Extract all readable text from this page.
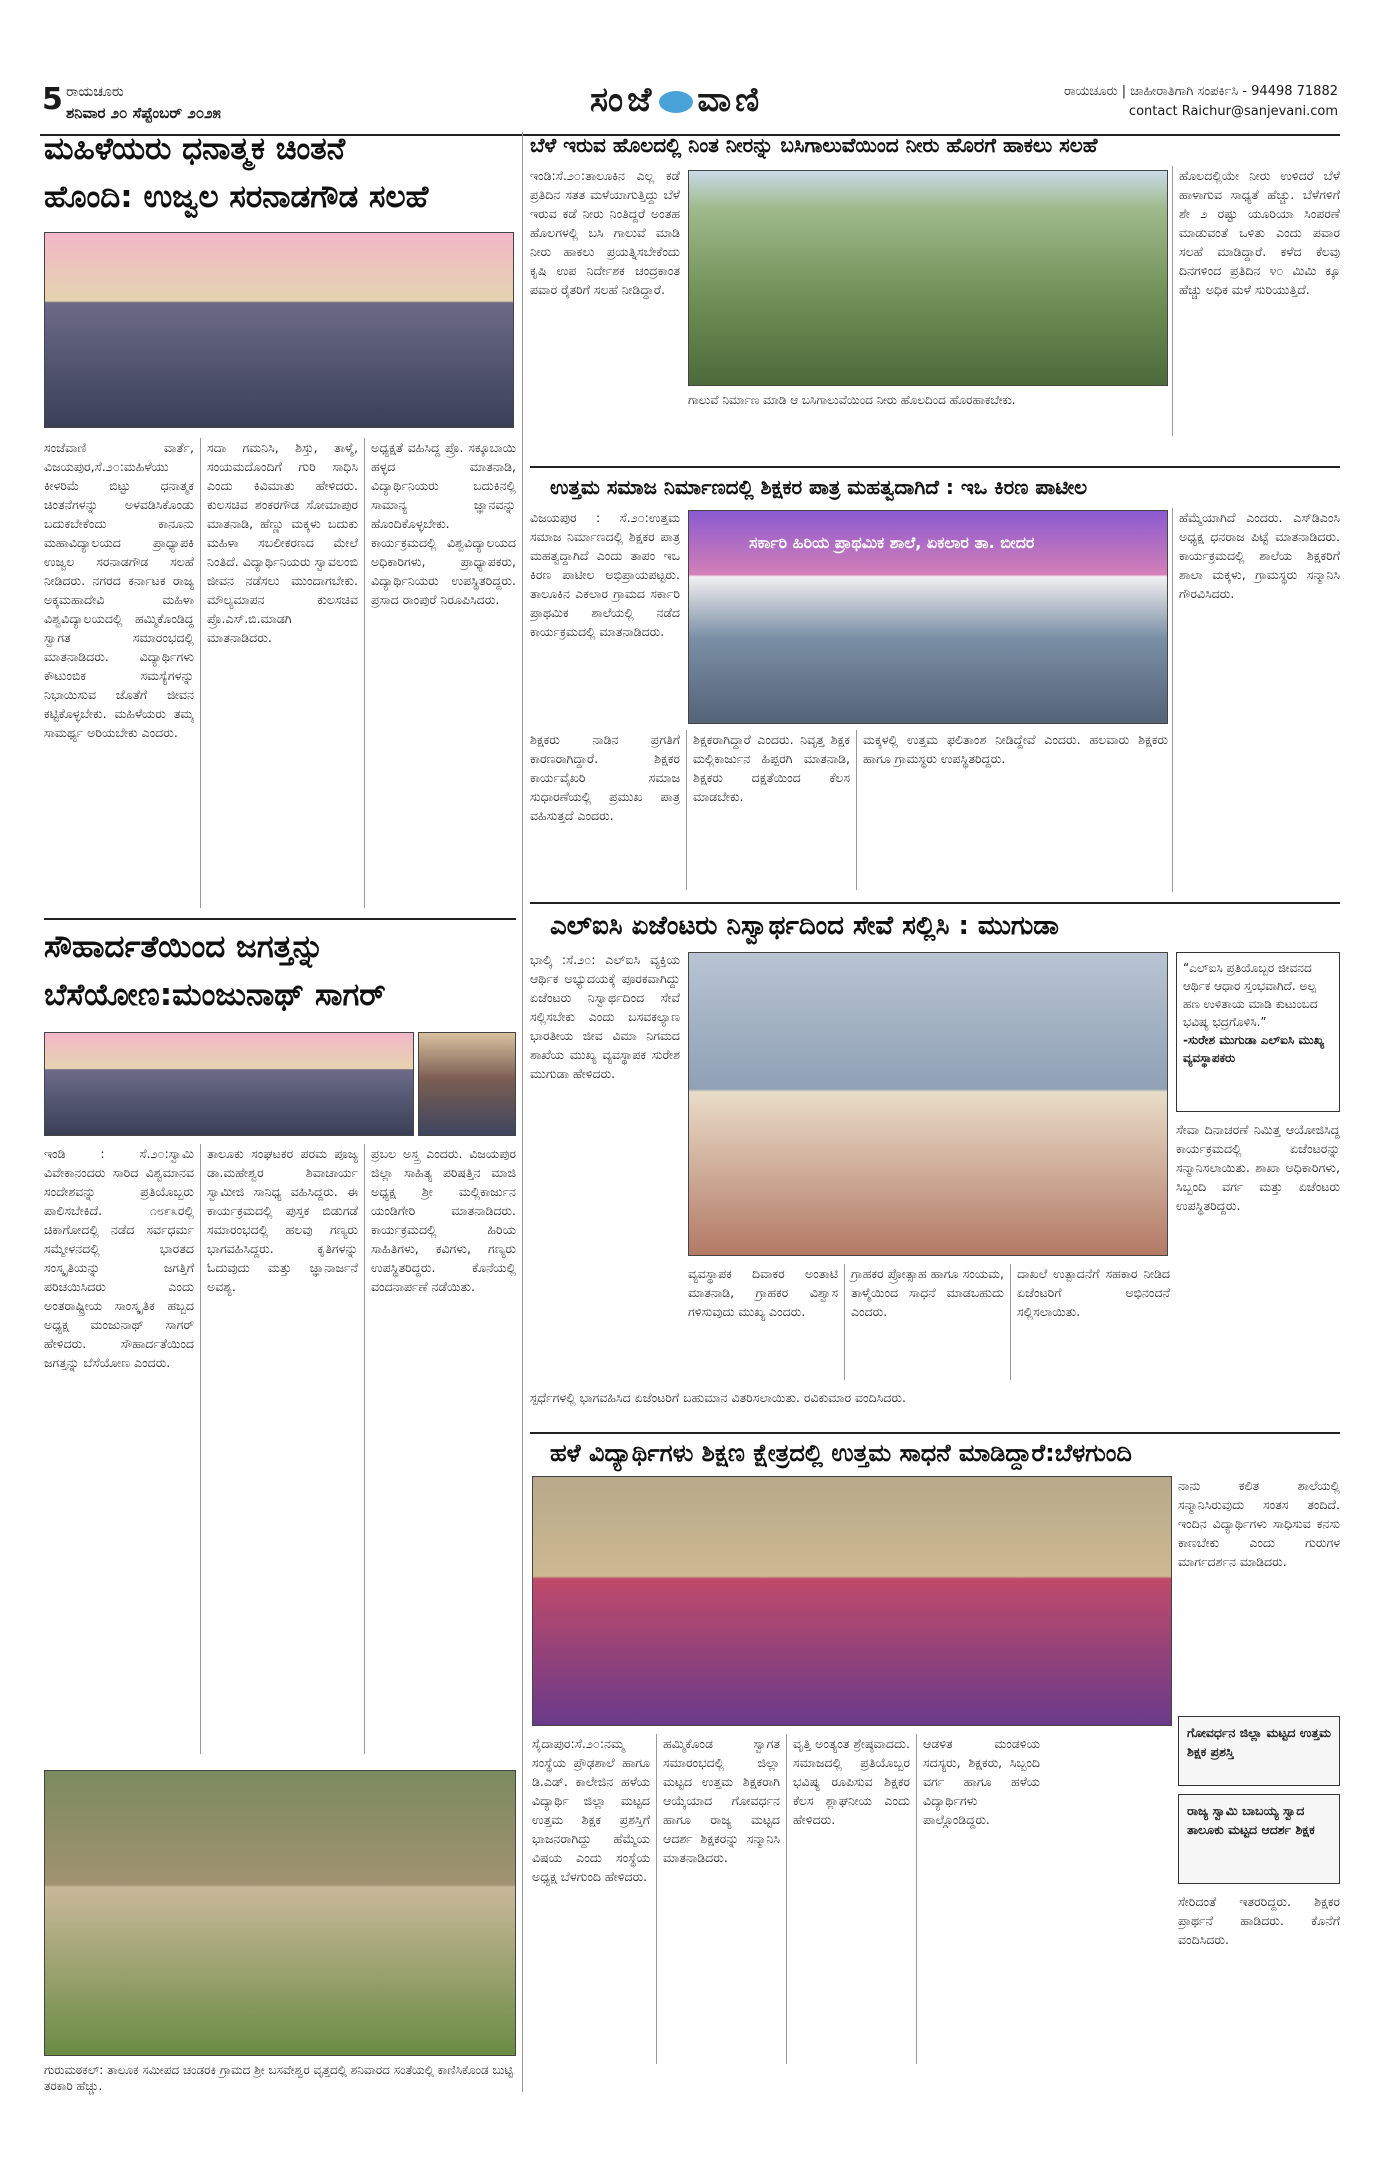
5 ರಾಯಚೂರು
ಶನಿವಾರ ೨೦ ಸೆಪ್ಟೆಂಬರ್ ೨೦೨೫	ಸಂಜೆ ವಾಣಿ	ರಾಯಚೂರು | ಜಾಹೀರಾತಿಗಾಗಿ ಸಂಪರ್ಕಿಸಿ - 94498 71882
contact Raichur@sanjevani.com
ಮಹಿಳೆಯರು ಧನಾತ್ಮಕ ಚಿಂತನೆ
ಹೊಂದಿ: ಉಜ್ವಲ ಸರನಾಡಗೌಡ ಸಲಹೆ
ಸಂಜೆವಾಣಿ ವಾರ್ತೆ, ವಿಜಯಪುರ,ಸೆ.೨೦:ಮಹಿಳೆಯು ಕೀಳರಿಮೆ ಬಿಟ್ಟು ಧನಾತ್ಮಕ ಚಿಂತನೆಗಳನ್ನು ಅಳವಡಿಸಿಕೊಂಡು ಬದುಕಬೇಕೆಂದು ಕಾನೂನು ಮಹಾವಿದ್ಯಾಲಯದ ಪ್ರಾಧ್ಯಾಪಕಿ ಉಜ್ವಲ ಸರನಾಡಗೌಡ ಸಲಹೆ ನೀಡಿದರು. ನಗರದ ಕರ್ನಾಟಕ ರಾಜ್ಯ ಅಕ್ಕಮಹಾದೇವಿ ಮಹಿಳಾ ವಿಶ್ವವಿದ್ಯಾಲಯದಲ್ಲಿ ಹಮ್ಮಿಕೊಂಡಿದ್ದ ಸ್ವಾಗತ ಸಮಾರಂಭದಲ್ಲಿ ಮಾತನಾಡಿದರು. ವಿದ್ಯಾರ್ಥಿಗಳು ಕೌಟುಂಬಿಕ ಸಮಸ್ಯೆಗಳನ್ನು ನಿಭಾಯಿಸುವ ಜೊತೆಗೆ ಜೀವನ ಕಟ್ಟಿಕೊಳ್ಳಬೇಕು. ಮಹಿಳೆಯರು ತಮ್ಮ ಸಾಮರ್ಥ್ಯ ಅರಿಯಬೇಕು ಎಂದರು.
ಸದಾ ಗಮನಿಸಿ, ಶಿಸ್ತು, ತಾಳ್ಮೆ, ಸಂಯಮದೊಂದಿಗೆ ಗುರಿ ಸಾಧಿಸಿ ಎಂದು ಕಿವಿಮಾತು ಹೇಳಿದರು. ಕುಲಸಚಿವ ಶಂಕರಗೌಡ ಸೋಮಾಪುರ ಮಾತನಾಡಿ, ಹೆಣ್ಣು ಮಕ್ಕಳು ಬದುಕು ಮಹಿಳಾ ಸಬಲೀಕರಣದ ಮೇಲೆ ನಿಂತಿದೆ. ವಿದ್ಯಾರ್ಥಿನಿಯರು ಸ್ವಾವಲಂಬಿ ಜೀವನ ನಡೆಸಲು ಮುಂದಾಗಬೇಕು. ಮೌಲ್ಯಮಾಪನ ಕುಲಸಚಿವ ಪ್ರೊ.ಎಸ್.ಬಿ.ಮಾಡಗಿ ಮಾತನಾಡಿದರು.
ಅಧ್ಯಕ್ಷತೆ ವಹಿಸಿದ್ದ ಪ್ರೊ. ಸಕ್ಕೂಬಾಯಿ ಹಳ್ಳದ ಮಾತನಾಡಿ, ವಿದ್ಯಾರ್ಥಿನಿಯರು ಬದುಕಿನಲ್ಲಿ ಸಾಮಾನ್ಯ ಜ್ಞಾನವನ್ನು ಹೊಂದಿಕೊಳ್ಳಬೇಕು. ಕಾರ್ಯಕ್ರಮದಲ್ಲಿ ವಿಶ್ವವಿದ್ಯಾಲಯದ ಅಧಿಕಾರಿಗಳು, ಪ್ರಾಧ್ಯಾಪಕರು, ವಿದ್ಯಾರ್ಥಿನಿಯರು ಉಪಸ್ಥಿತರಿದ್ದರು. ಪ್ರಸಾದ ರಾಂಪುರೆ ನಿರೂಪಿಸಿದರು.
ಸೌಹಾರ್ದತೆಯಿಂದ ಜಗತ್ತನ್ನು
ಬೆಸೆಯೋಣ:ಮಂಜುನಾಥ್ ಸಾಗರ್
ಇಂಡಿ : ಸೆ.೨೦:ಸ್ವಾಮಿ ವಿವೇಕಾನಂದರು ಸಾರಿದ ವಿಶ್ವಮಾನವ ಸಂದೇಶವನ್ನು ಪ್ರತಿಯೊಬ್ಬರು ಪಾಲಿಸಬೇಕಿದೆ. ೧೮೯೩ರಲ್ಲಿ ಚಿಕಾಗೋದಲ್ಲಿ ನಡೆದ ಸರ್ವಧರ್ಮ ಸಮ್ಮೇಳನದಲ್ಲಿ ಭಾರತದ ಸಂಸ್ಕೃತಿಯನ್ನು ಜಗತ್ತಿಗೆ ಪರಿಚಯಿಸಿದರು ಎಂದು ಅಂತರಾಷ್ಟ್ರೀಯ ಸಾಂಸ್ಕೃತಿಕ ಹಬ್ಬದ ಅಧ್ಯಕ್ಷ ಮಂಜುನಾಥ್ ಸಾಗರ್ ಹೇಳಿದರು. ಸೌಹಾರ್ದತೆಯಿಂದ ಜಗತ್ತನ್ನು ಬೆಸೆಯೋಣ ಎಂದರು.
ತಾಲೂಕು ಸಂಘಟಕರ ಪರಮ ಪೂಜ್ಯ ಡಾ.ಮಹೇಶ್ವರ ಶಿವಾಚಾರ್ಯ ಸ್ವಾಮೀಜಿ ಸಾನಿಧ್ಯ ವಹಿಸಿದ್ದರು. ಈ ಕಾರ್ಯಕ್ರಮದಲ್ಲಿ ಪುಸ್ತಕ ಬಿಡುಗಡೆ ಸಮಾರಂಭದಲ್ಲಿ ಹಲವು ಗಣ್ಯರು ಭಾಗವಹಿಸಿದ್ದರು. ಕೃತಿಗಳನ್ನು ಓದುವುದು ಮತ್ತು ಜ್ಞಾನಾರ್ಜನೆ ಅವಶ್ಯ.
ಪ್ರಬಲ ಅಸ್ತ್ರ ಎಂದರು. ವಿಜಯಪುರ ಜಿಲ್ಲಾ ಸಾಹಿತ್ಯ ಪರಿಷತ್ತಿನ ಮಾಜಿ ಅಧ್ಯಕ್ಷ ಶ್ರೀ ಮಲ್ಲಿಕಾರ್ಜುನ ಯಂಡಿಗೇರಿ ಮಾತನಾಡಿದರು. ಕಾರ್ಯಕ್ರಮದಲ್ಲಿ ಹಿರಿಯ ಸಾಹಿತಿಗಳು, ಕವಿಗಳು, ಗಣ್ಯರು ಉಪಸ್ಥಿತರಿದ್ದರು. ಕೊನೆಯಲ್ಲಿ ವಂದನಾರ್ಪಣೆ ನಡೆಯಿತು.
ಗುರುಮಠಕಲ್: ತಾಲೂಕ ಸಮೀಪದ ಚಂಡರಕಿ ಗ್ರಾಮದ ಶ್ರೀ ಬಸವೇಶ್ವರ ವೃತ್ತದಲ್ಲಿ ಶನಿವಾರದ ಸಂತೆಯಲ್ಲಿ ಕಾಣಿಸಿಕೊಂಡ ಬುಟ್ಟಿ ತರಕಾರಿ ಹೆಚ್ಚು.
ಬೆಳೆ ಇರುವ ಹೊಲದಲ್ಲಿ ನಿಂತ ನೀರನ್ನು ಬಸಿಗಾಲುವೆಯಿಂದ ನೀರು ಹೊರಗೆ ಹಾಕಲು ಸಲಹೆ
ಇಂಡಿ:ಸೆ.೨೦:ತಾಲೂಕಿನ ಎಲ್ಲ ಕಡೆ ಪ್ರತಿದಿನ ಸತತ ಮಳೆಯಾಗುತ್ತಿದ್ದು ಬೆಳೆ ಇರುವ ಕಡೆ ನೀರು ನಿಂತಿದ್ದರೆ ಅಂತಹ ಹೊಲಗಳಲ್ಲಿ ಬಸಿ ಗಾಲುವೆ ಮಾಡಿ ನೀರು ಹಾಕಲು ಪ್ರಯತ್ನಿಸಬೇಕೆಂದು ಕೃಷಿ ಉಪ ನಿರ್ದೇಶಕ ಚಂದ್ರಕಾಂತ ಪವಾರ ರೈತರಿಗೆ ಸಲಹೆ ನೀಡಿದ್ದಾರೆ.
ಗಾಲುವೆ ನಿರ್ಮಾಣ ಮಾಡಿ ಆ ಬಸಿಗಾಲುವೆಯಿಂದ ನೀರು ಹೊಲದಿಂದ ಹೊರಹಾಕಬೇಕು.
ಹೊಲದಲ್ಲಿಯೇ ನೀರು ಉಳಿದರೆ ಬೆಳೆ ಹಾಳಾಗುವ ಸಾಧ್ಯತೆ ಹೆಚ್ಚು. ಬೆಳೆಗಳಿಗೆ ಶೇ ೨ ರಷ್ಟು ಯೂರಿಯಾ ಸಿಂಪರಣೆ ಮಾಡುವಂತೆ ಒಳಿತು ಎಂದು ಪವಾರ ಸಲಹೆ ಮಾಡಿದ್ದಾರೆ. ಕಳೆದ ಕೆಲವು ದಿನಗಳಿಂದ ಪ್ರತಿದಿನ ೪೦ ಮಿಮಿ ಕ್ಕೂ ಹೆಚ್ಚು ಅಧಿಕ ಮಳೆ ಸುರಿಯುತ್ತಿದೆ.
ಉತ್ತಮ ಸಮಾಜ ನಿರ್ಮಾಣದಲ್ಲಿ ಶಿಕ್ಷಕರ ಪಾತ್ರ ಮಹತ್ವದಾಗಿದೆ : ಇಒ ಕಿರಣ ಪಾಟೀಲ
ವಿಜಯಪುರ : ಸೆ.೨೦:ಉತ್ತಮ ಸಮಾಜ ನಿರ್ಮಾಣದಲ್ಲಿ ಶಿಕ್ಷಕರ ಪಾತ್ರ ಮಹತ್ವದ್ದಾಗಿದೆ ಎಂದು ತಾಪಂ ಇಒ ಕಿರಣ ಪಾಟೀಲ ಅಭಿಪ್ರಾಯಪಟ್ಟರು. ತಾಲೂಕಿನ ಎಕಲಾರ ಗ್ರಾಮದ ಸರ್ಕಾರಿ ಪ್ರಾಥಮಿಕ ಶಾಲೆಯಲ್ಲಿ ನಡೆದ ಕಾರ್ಯಕ್ರಮದಲ್ಲಿ ಮಾತನಾಡಿದರು.
ಸರ್ಕಾರಿ ಹಿರಿಯ ಪ್ರಾಥಮಿಕ ಶಾಲೆ, ಏಕಲಾರ ತಾ. ಬೀದರ
ಹೆಮ್ಮೆಯಾಗಿದೆ ಎಂದರು. ಎಸ್‌ಡಿಎಂಸಿ ಅಧ್ಯಕ್ಷ ಧನರಾಜ ಪಿಟ್ಟೆ ಮಾತನಾಡಿದರು. ಕಾರ್ಯಕ್ರಮದಲ್ಲಿ ಶಾಲೆಯ ಶಿಕ್ಷಕರಿಗೆ ಶಾಲಾ ಮಕ್ಕಳು, ಗ್ರಾಮಸ್ಥರು ಸನ್ಮಾನಿಸಿ ಗೌರವಿಸಿದರು.
ಶಿಕ್ಷಕರು ನಾಡಿನ ಪ್ರಗತಿಗೆ ಕಾರಣರಾಗಿದ್ದಾರೆ. ಶಿಕ್ಷಕರ ಕಾರ್ಯವೈಖರಿ ಸಮಾಜ ಸುಧಾರಣೆಯಲ್ಲಿ ಪ್ರಮುಖ ಪಾತ್ರ ವಹಿಸುತ್ತದೆ ಎಂದರು.
ಶಿಕ್ಷಕರಾಗಿದ್ದಾರೆ ಎಂದರು. ನಿವೃತ್ತ ಶಿಕ್ಷಕ ಮಲ್ಲಿಕಾರ್ಜುನ ಹಿಪ್ಪರಗಿ ಮಾತನಾಡಿ, ಶಿಕ್ಷಕರು ದಕ್ಷತೆಯಿಂದ ಕೆಲಸ ಮಾಡಬೇಕು.
ಮಕ್ಕಳಲ್ಲಿ ಉತ್ತಮ ಫಲಿತಾಂಶ ನೀಡಿದ್ದೇವೆ ಎಂದರು. ಹಲವಾರು ಶಿಕ್ಷಕರು ಹಾಗೂ ಗ್ರಾಮಸ್ಥರು ಉಪಸ್ಥಿತರಿದ್ದರು.
ಎಲ್‌ಐಸಿ ಏಜೆಂಟರು ನಿಸ್ವಾರ್ಥದಿಂದ ಸೇವೆ ಸಲ್ಲಿಸಿ : ಮುಗುಡಾ
ಭಾಲ್ಕಿ :ಸೆ.೨೦: ಎಲ್‌ಐಸಿ ವ್ಯಕ್ತಿಯ ಆರ್ಥಿಕ ಅಭ್ಯುದಯಕ್ಕೆ ಪೂರಕವಾಗಿದ್ದು ಏಜೆಂಟರು ನಿಸ್ವಾರ್ಥದಿಂದ ಸೇವೆ ಸಲ್ಲಿಸಬೇಕು ಎಂದು ಬಸವಕಲ್ಯಾಣ ಭಾರತೀಯ ಜೀವ ವಿಮಾ ನಿಗಮದ ಶಾಖೆಯ ಮುಖ್ಯ ವ್ಯವಸ್ಥಾಪಕ ಸುರೇಶ ಮುಗುಡಾ ಹೇಳಿದರು.
“ಎಲ್‌ಐಸಿ ಪ್ರತಿಯೊಬ್ಬರ ಜೀವನದ ಆರ್ಥಿಕ ಆಧಾರ ಸ್ತಂಭವಾಗಿದೆ. ಅಲ್ಪ ಹಣ ಉಳಿತಾಯ ಮಾಡಿ ಕುಟುಂಬದ ಭವಿಷ್ಯ ಭದ್ರಗೊಳಿಸಿ.”
-ಸುರೇಶ ಮುಗುಡಾ ಎಲ್‌ಐಸಿ ಮುಖ್ಯ ವ್ಯವಸ್ಥಾಪಕರು
ಸೇವಾ ದಿನಾಚರಣೆ ನಿಮಿತ್ತ ಆಯೋಜಿಸಿದ್ದ ಕಾರ್ಯಕ್ರಮದಲ್ಲಿ ಏಜೆಂಟರನ್ನು ಸನ್ಮಾನಿಸಲಾಯಿತು. ಶಾಖಾ ಅಧಿಕಾರಿಗಳು, ಸಿಬ್ಬಂದಿ ವರ್ಗ ಮತ್ತು ಏಜೆಂಟರು ಉಪಸ್ಥಿತರಿದ್ದರು.
ವ್ಯವಸ್ಥಾಪಕ ದಿವಾಕರ ಅಂತಾಟಿ ಮಾತನಾಡಿ, ಗ್ರಾಹಕರ ವಿಶ್ವಾಸ ಗಳಿಸುವುದು ಮುಖ್ಯ ಎಂದರು.
ಗ್ರಾಹಕರ ಪ್ರೋತ್ಸಾಹ ಹಾಗೂ ಸಂಯಮ, ತಾಳ್ಮೆಯಿಂದ ಸಾಧನೆ ಮಾಡಬಹುದು ಎಂದರು.
ದಾಖಲೆ ಉತ್ಪಾದನೆಗೆ ಸಹಕಾರ ನೀಡಿದ ಏಜೆಂಟರಿಗೆ ಅಭಿನಂದನೆ ಸಲ್ಲಿಸಲಾಯಿತು.
ಸ್ಪರ್ಧೆಗಳಲ್ಲಿ ಭಾಗವಹಿಸಿದ ಏಜೆಂಟರಿಗೆ ಬಹುಮಾನ ವಿತರಿಸಲಾಯಿತು. ರವಿಕುಮಾರ ವಂದಿಸಿದರು.
ಹಳೆ ವಿದ್ಯಾರ್ಥಿಗಳು ಶಿಕ್ಷಣ ಕ್ಷೇತ್ರದಲ್ಲಿ ಉತ್ತಮ ಸಾಧನೆ ಮಾಡಿದ್ದಾರೆ:ಬೆಳಗುಂದಿ
ನಾನು ಕಲಿತ ಶಾಲೆಯಲ್ಲಿ ಸನ್ಮಾನಿಸಿರುವುದು ಸಂತಸ ತಂದಿದೆ. ಇಂದಿನ ವಿದ್ಯಾರ್ಥಿಗಳು ಸಾಧಿಸುವ ಕನಸು ಕಾಣಬೇಕು ಎಂದು ಗುರುಗಳ ಮಾರ್ಗದರ್ಶನ ಮಾಡಿದರು.
ಗೋವರ್ಧನ ಜಿಲ್ಲಾ ಮಟ್ಟದ ಉತ್ತಮ ಶಿಕ್ಷಕ ಪ್ರಶಸ್ತಿ
ಸೈದಾಪುರ:ಸೆ.೨೦:ನಮ್ಮ ಸಂಸ್ಥೆಯ ಪ್ರೌಢಶಾಲೆ ಹಾಗೂ ಡಿ.ಎಡ್. ಕಾಲೇಜಿನ ಹಳೆಯ ವಿದ್ಯಾರ್ಥಿ ಜಿಲ್ಲಾ ಮಟ್ಟದ ಉತ್ತಮ ಶಿಕ್ಷಕ ಪ್ರಶಸ್ತಿಗೆ ಭಾಜನರಾಗಿದ್ದು ಹೆಮ್ಮೆಯ ವಿಷಯ ಎಂದು ಸಂಸ್ಥೆಯ ಅಧ್ಯಕ್ಷ ಬೆಳಗುಂದಿ ಹೇಳಿದರು.
ಹಮ್ಮಿಕೊಂಡ ಸ್ವಾಗತ ಸಮಾರಂಭದಲ್ಲಿ ಜಿಲ್ಲಾ ಮಟ್ಟದ ಉತ್ತಮ ಶಿಕ್ಷಕರಾಗಿ ಆಯ್ಕೆಯಾದ ಗೋವರ್ಧನ ಹಾಗೂ ರಾಜ್ಯ ಮಟ್ಟದ ಆದರ್ಶ ಶಿಕ್ಷಕರನ್ನು ಸನ್ಮಾನಿಸಿ ಮಾತನಾಡಿದರು.
ವೃತ್ತಿ ಅಂತ್ಯಂತ ಶ್ರೇಷ್ಠವಾದದು. ಸಮಾಜದಲ್ಲಿ ಪ್ರತಿಯೊಬ್ಬರ ಭವಿಷ್ಯ ರೂಪಿಸುವ ಶಿಕ್ಷಕರ ಕೆಲಸ ಶ್ಲಾಘನೀಯ ಎಂದು ಹೇಳಿದರು.
ಆಡಳಿತ ಮಂಡಳಿಯ ಸದಸ್ಯರು, ಶಿಕ್ಷಕರು, ಸಿಬ್ಬಂದಿ ವರ್ಗ ಹಾಗೂ ಹಳೆಯ ವಿದ್ಯಾರ್ಥಿಗಳು ಪಾಲ್ಗೊಂಡಿದ್ದರು.
ರಾಜ್ಯ ಸ್ವಾಮಿ ಬಾಬಯ್ಯ ಸ್ವಾದ ತಾಲೂಕು ಮಟ್ಟದ ಆದರ್ಶ ಶಿಕ್ಷಕ
ಸೇರಿದಂತೆ ಇತರರಿದ್ದರು. ಶಿಕ್ಷಕರ ಪ್ರಾರ್ಥನೆ ಹಾಡಿದರು. ಕೊನೆಗೆ ವಂದಿಸಿದರು.
